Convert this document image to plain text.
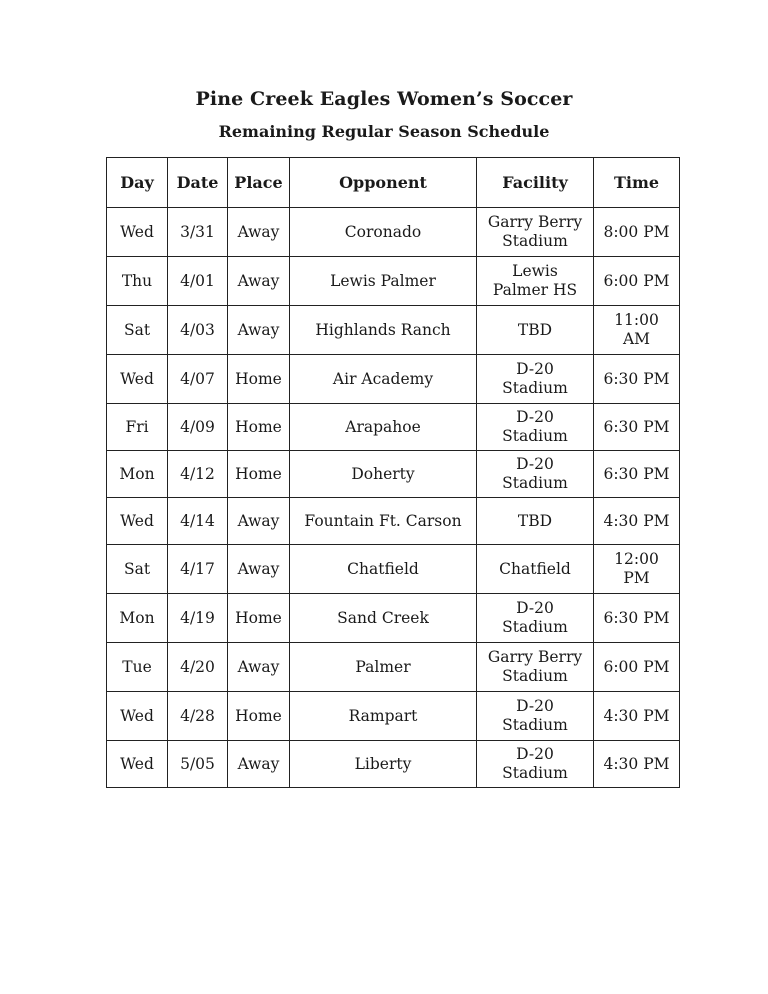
Pine Creek Eagles Women’s Soccer
Remaining Regular Season Schedule
Day	Date	Place	Opponent	Facility	Time
Wed	3/31	Away	Coronado	Garry Berry Stadium	8:00 PM
Thu	4/01	Away	Lewis Palmer	Lewis Palmer HS	6:00 PM
Sat	4/03	Away	Highlands Ranch	TBD	11:00 AM
Wed	4/07	Home	Air Academy	D-20 Stadium	6:30 PM
Fri	4/09	Home	Arapahoe	D-20 Stadium	6:30 PM
Mon	4/12	Home	Doherty	D-20 Stadium	6:30 PM
Wed	4/14	Away	Fountain Ft. Carson	TBD	4:30 PM
Sat	4/17	Away	Chatfield	Chatfield	12:00 PM
Mon	4/19	Home	Sand Creek	D-20 Stadium	6:30 PM
Tue	4/20	Away	Palmer	Garry Berry Stadium	6:00 PM
Wed	4/28	Home	Rampart	D-20 Stadium	4:30 PM
Wed	5/05	Away	Liberty	D-20 Stadium	4:30 PM
